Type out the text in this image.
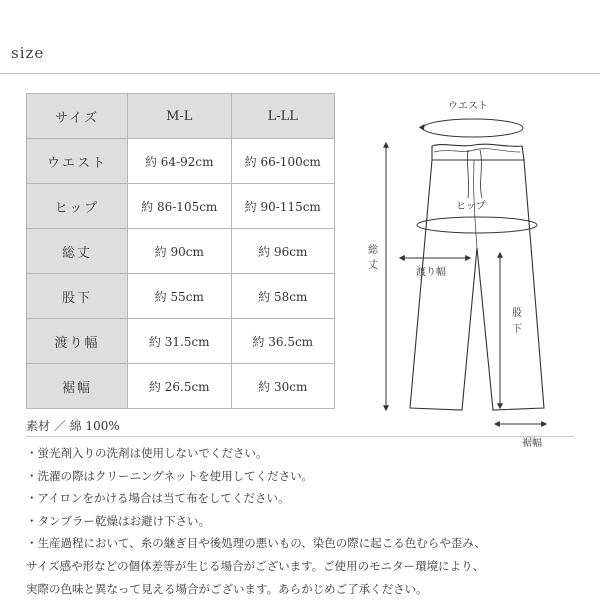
size
サイズ	M-L	L-LL
ウエスト	約 64-92cm	約 66-100cm
ヒップ	約 86-105cm	約 90-115cm
総丈	約 90cm	約 96cm
股下	約 55cm	約 58cm
渡り幅	約 31.5cm	約 36.5cm
裾幅	約 26.5cm	約 30cm
ウエスト
ヒップ
総
丈
渡り幅
股
下
裾幅
素材 ／ 綿 100%
・蛍光剤入りの洗剤は使用しないでください。
・洗濯の際はクリーニングネットを使用してください。
・アイロンをかける場合は当て布をしてください。
・タンブラー乾燥はお避け下さい。
・生産過程において、糸の継ぎ目や後処理の悪いもの、染色の際に起こる色むらや歪み、
サイズ感や形などの個体差等が生じる場合がございます。ご使用のモニター環境により、
実際の色味と異なって見える場合がございます。あらかじめご了承ください。
